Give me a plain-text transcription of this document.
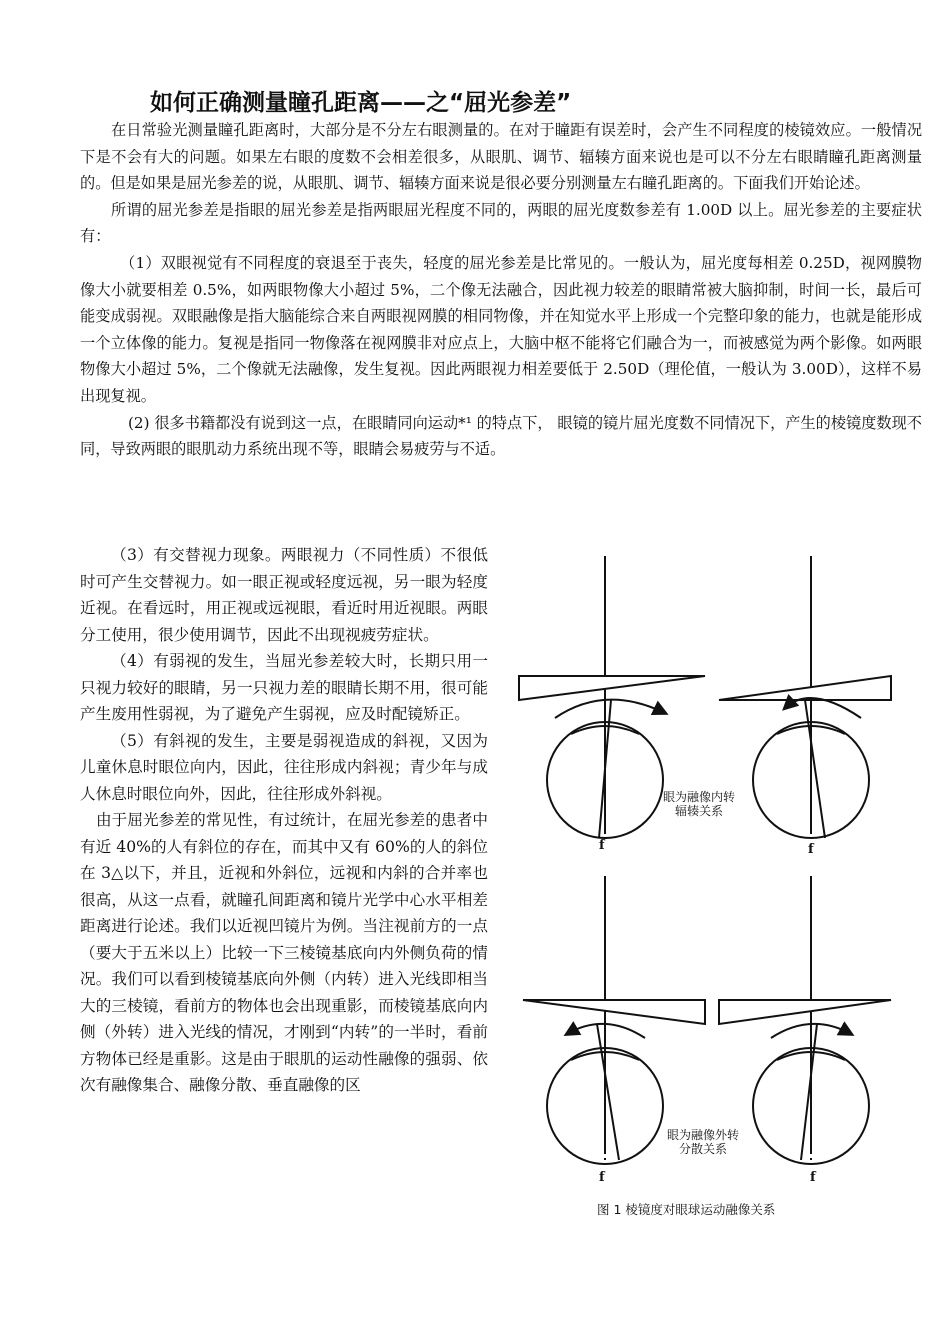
如何正确测量瞳孔距离——之“屈光参差”

在日常验光测量瞳孔距离时，大部分是不分左右眼测量的。在对于瞳距有误差时，会产生不同程度的棱镜效应。一般情况下是不会有大的问题。如果左右眼的度数不会相差很多，从眼肌、调节、辐辏方面来说也是可以不分左右眼睛瞳孔距离测量的。但是如果是屈光参差的说，从眼肌、调节、辐辏方面来说是很必要分别测量左右瞳孔距离的。下面我们开始论述。

所谓的屈光参差是指眼的屈光参差是指两眼屈光程度不同的，两眼的屈光度数参差有 1.00D 以上。屈光参差的主要症状有：

（1）双眼视觉有不同程度的衰退至于丧失，轻度的屈光参差是比常见的。一般认为，屈光度每相差 0.25D，视网膜物像大小就要相差 0.5%，如两眼物像大小超过 5%，二个像无法融合，因此视力较差的眼睛常被大脑抑制，时间一长，最后可能变成弱视。双眼融像是指大脑能综合来自两眼视网膜的相同物像，并在知觉水平上形成一个完整印象的能力，也就是能形成一个立体像的能力。复视是指同一物像落在视网膜非对应点上，大脑中枢不能将它们融合为一，而被感觉为两个影像。如两眼物像大小超过 5%，二个像就无法融像，发生复视。因此两眼视力相差要低于 2.50D（理伦值，一般认为 3.00D），这样不易出现复视。

(2) 很多书籍都没有说到这一点，在眼睛同向运动*¹ 的特点下， 眼镜的镜片屈光度数不同情况下，产生的棱镜度数现不同，导致两眼的眼肌动力系统出现不等，眼睛会易疲劳与不适。

（3）有交替视力现象。两眼视力（不同性质）不很低时可产生交替视力。如一眼正视或轻度远视，另一眼为轻度近视。在看远时，用正视或远视眼，看近时用近视眼。两眼分工使用，很少使用调节，因此不出现视疲劳症状。

（4）有弱视的发生，当屈光参差较大时，长期只用一只视力较好的眼睛，另一只视力差的眼睛长期不用，很可能产生废用性弱视，为了避免产生弱视，应及时配镜矫正。

（5）有斜视的发生，主要是弱视造成的斜视，又因为儿童休息时眼位向内，因此，往往形成内斜视；青少年与成人休息时眼位向外，因此，往往形成外斜视。

由于屈光参差的常见性，有过统计，在屈光参差的患者中有近 40%的人有斜位的存在，而其中又有 60%的人的斜位在 3△以下，并且，近视和外斜位，远视和内斜的合并率也很高，从这一点看，就瞳孔间距离和镜片光学中心水平相差距离进行论述。我们以近视凹镜片为例。当注视前方的一点（要大于五米以上）比较一下三棱镜基底向内外侧负荷的情况。我们可以看到棱镜基底向外侧（内转）进入光线即相当大的三棱镜，看前方的物体也会出现重影，而棱镜基底向内侧（外转）进入光线的情况，才刚到“内转”的一半时，看前方物体已经是重影。这是由于眼肌的运动性融像的强弱、依次有融像集合、融像分散、垂直融像的区

眼为融像内转
辐辏关系
眼为融像外转
分散关系
f	f
f	f
图 1 棱镜度对眼球运动融像关系
